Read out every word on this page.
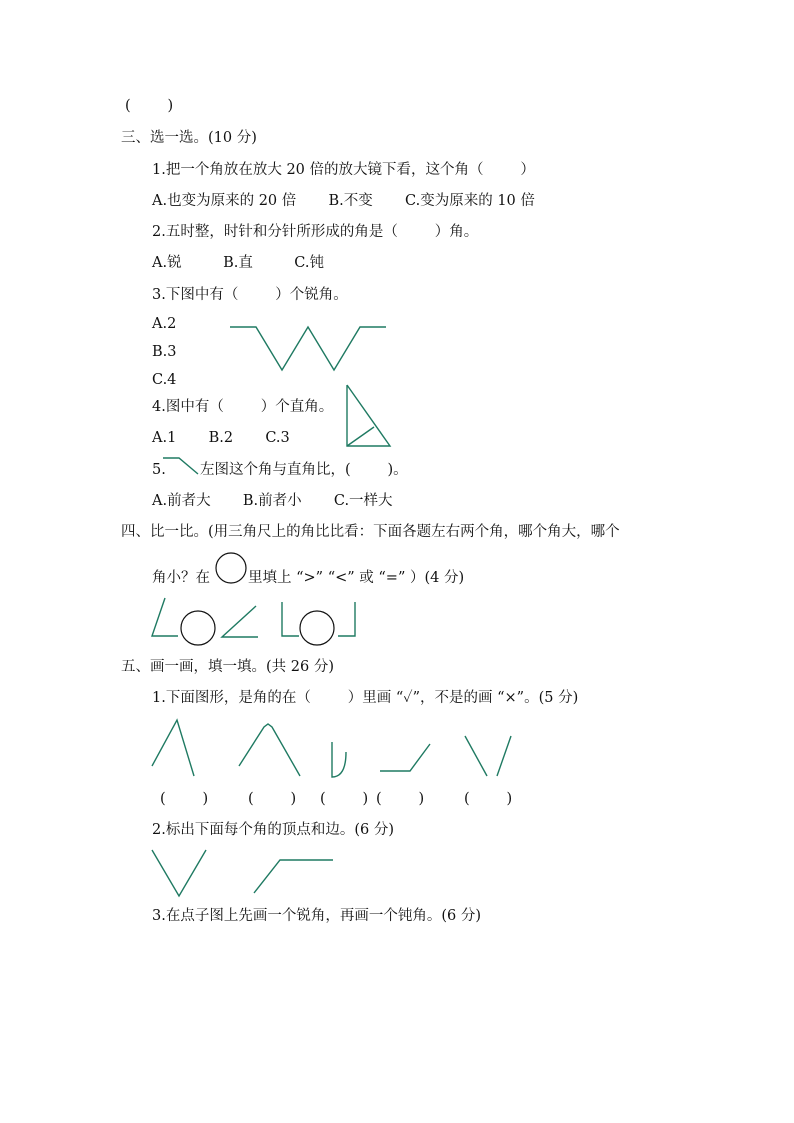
(        )
三、选一选。(10 分)
1.把一个角放在放大 20 倍的放大镜下看，这个角（        ）
A.也变为原来的 20 倍       B.不变       C.变为原来的 10 倍
2.五时整，时针和分针所形成的角是（        ）角。
A.锐         B.直         C.钝
3.下图中有（        ）个锐角。
A.2
B.3
C.4
4.图中有（        ）个直角。
A.1       B.2       C.3
5. 左图这个角与直角比，(        )。
A.前者大       B.前者小       C.一样大
四、比一比。(用三角尺上的角比比看：下面各题左右两个角，哪个角大，哪个
角小？在	里填上 “>” “<” 或 “=” ）(4 分)
五、画一画，填一填。(共 26 分)
1.下面图形，是角的在（        ）里画 “✓”，不是的画 “×”。(5 分)
(        )	(        ) (        ) (        )	(        )
2.标出下面每个角的顶点和边。(6 分)
3.在点子图上先画一个锐角，再画一个钝角。(6 分)
